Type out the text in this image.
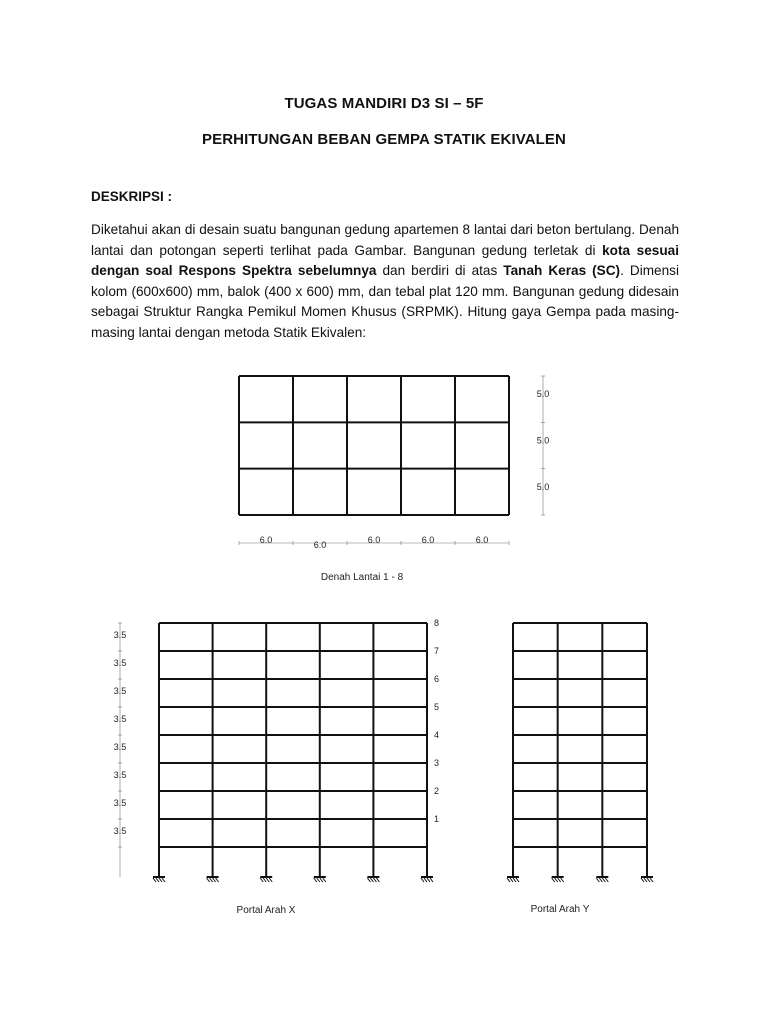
TUGAS MANDIRI D3 SI – 5F
PERHITUNGAN BEBAN GEMPA STATIK EKIVALEN
DESKRIPSI :
Diketahui akan di desain suatu bangunan gedung apartemen 8 lantai dari beton bertulang. Denah lantai dan potongan seperti terlihat pada Gambar. Bangunan gedung terletak di kota sesuai dengan soal Respons Spektra sebelumnya dan berdiri di atas Tanah Keras (SC). Dimensi kolom (600x600) mm, balok (400 x 600) mm, dan tebal plat 120 mm. Bangunan gedung didesain sebagai Struktur Rangka Pemikul Momen Khusus (SRPMK). Hitung gaya Gempa pada masing-masing lantai dengan metoda Statik Ekivalen:
6.0	6.0	6.0	6.0	6.0
5.0
5.0
5.0
Denah Lantai 1 - 8
8
7
6
5
4
3
2
1
3.5
3.5
3.5
3.5
3.5
3.5
3.5
3.5
Portal Arah X	Portal Arah Y
